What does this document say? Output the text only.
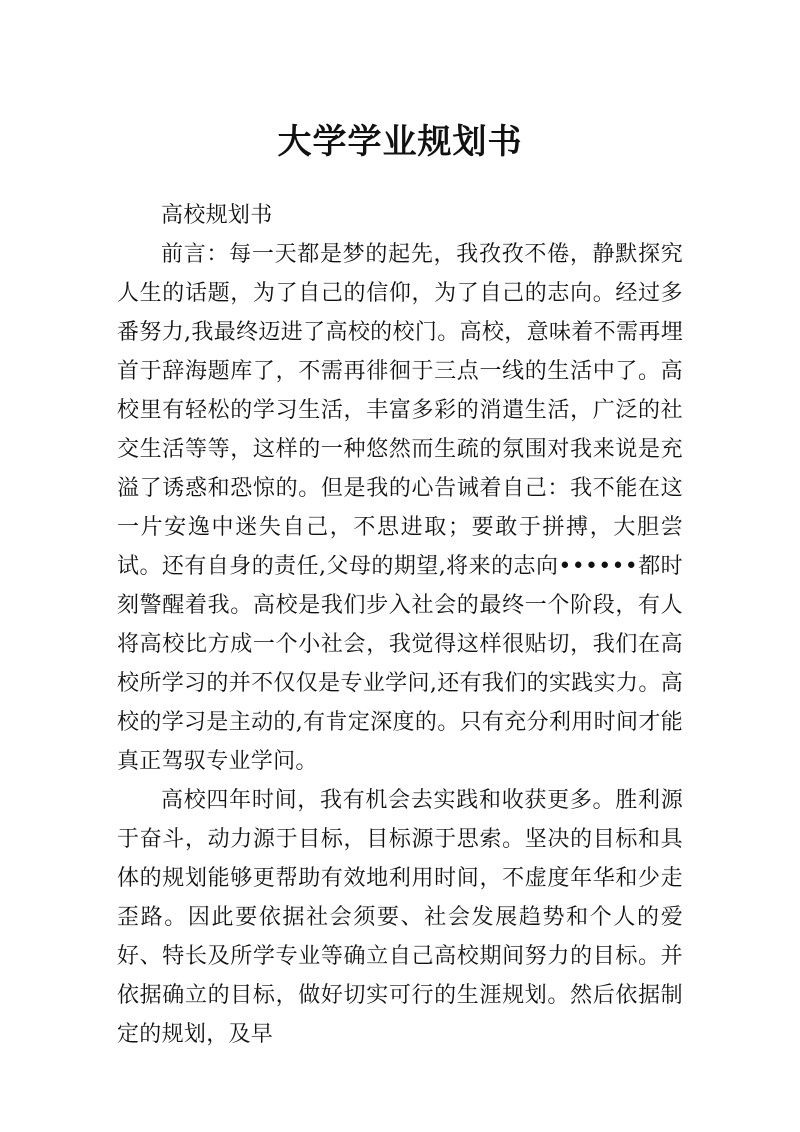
大学学业规划书

高校规划书

前言：每一天都是梦的起先，我孜孜不倦，静默探究人生的话题，为了自己的信仰，为了自己的志向。经过多番努力,我最终迈进了高校的校门。高校，意味着不需再埋首于辞海题库了，不需再徘徊于三点一线的生活中了。高校里有轻松的学习生活，丰富多彩的消遣生活，广泛的社交生活等等，这样的一种悠然而生疏的氛围对我来说是充溢了诱惑和恐惊的。但是我的心告诫着自己：我不能在这一片安逸中迷失自己，不思进取；要敢于拼搏，大胆尝试。还有自身的责任,父母的期望,将来的志向••••••都时刻警醒着我。高校是我们步入社会的最终一个阶段，有人将高校比方成一个小社会，我觉得这样很贴切，我们在高校所学习的并不仅仅是专业学问,还有我们的实践实力。高校的学习是主动的,有肯定深度的。只有充分利用时间才能真正驾驭专业学问。

高校四年时间，我有机会去实践和收获更多。胜利源于奋斗，动力源于目标，目标源于思索。坚决的目标和具体的规划能够更帮助有效地利用时间，不虚度年华和少走歪路。因此要依据社会须要、社会发展趋势和个人的爱好、特长及所学专业等确立自己高校期间努力的目标。并依据确立的目标，做好切实可行的生涯规划。然后依据制定的规划，及早
